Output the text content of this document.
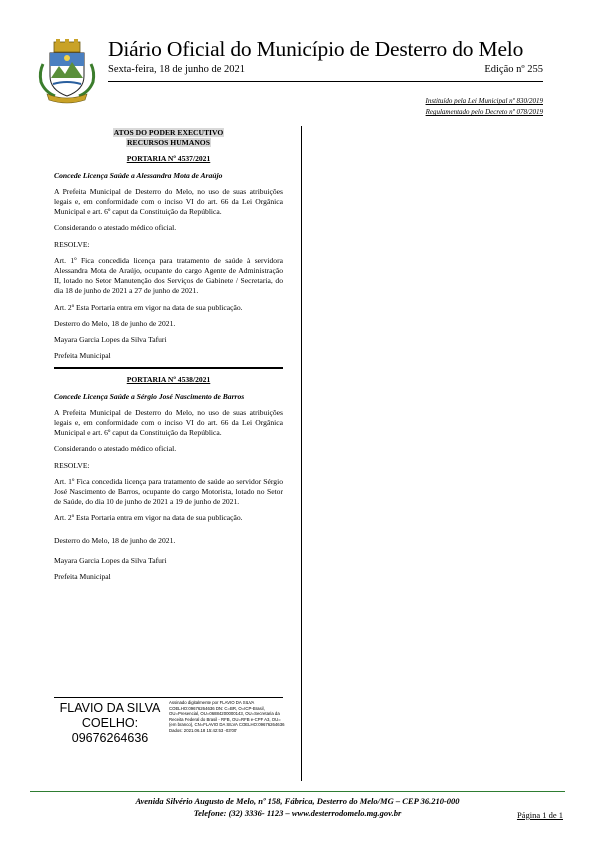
Diário Oficial do Município de Desterro do Melo
Sexta-feira, 18 de junho de 2021	Edição nº 255
Instituído pela Lei Municipal nº 830/2019
Regulamentado pelo Decreto nº 078/2019
ATOS DO PODER EXECUTIVO
RECURSOS HUMANOS
PORTARIA Nº 4537/2021

Concede Licença Saúde a Alessandra Mota de Araújo

A Prefeita Municipal de Desterro do Melo, no uso de suas atribuições legais e, em conformidade com o inciso VI do art. 66 da Lei Orgânica Municipal e art. 6º caput da Constituição da República.

Considerando o atestado médico oficial.

RESOLVE:

Art. 1º Fica concedida licença para tratamento de saúde à servidora Alessandra Mota de Araújo, ocupante do cargo Agente de Administração II, lotado no Setor Manutenção dos Serviços de Gabinete / Secretaria, do dia 18 de junho de 2021 a 27 de junho de 2021.

Art. 2º Esta Portaria entra em vigor na data de sua publicação.

Desterro do Melo, 18 de junho de 2021.

Mayara Garcia Lopes da Silva Tafuri

Prefeita Municipal

PORTARIA Nº 4538/2021

Concede Licença Saúde a Sérgio José Nascimento de Barros

A Prefeita Municipal de Desterro do Melo, no uso de suas atribuições legais e, em conformidade com o inciso VI do art. 66 da Lei Orgânica Municipal e art. 6º caput da Constituição da República.

Considerando o atestado médico oficial.

RESOLVE:

Art. 1º Fica concedida licença para tratamento de saúde ao servidor Sérgio José Nascimento de Barros, ocupante do cargo Motorista, lotado no Setor de Saúde, do dia 10 de junho de 2021 a 19 de junho de 2021.

Art. 2º Esta Portaria entra em vigor na data de sua publicação.

Desterro do Melo, 18 de junho de 2021.

Mayara Garcia Lopes da Silva Tafuri

Prefeita Municipal

FLAVIO DA SILVA
COELHO:
09676264636
Assinado digitalmente por FLAVIO DA SILVA COELHO:09676264636 DN: C=BR, O=ICP-Brasil, OU=Presencial, OU=06884200000143, OU=Secretaria da Receita Federal do Brasil - RFB, OU=RFB e-CPF A3, OU=(em branco), CN=FLAVIO DA SILVA COELHO:09676264636 Dados: 2021.06.18 15:42:53 -03'00'
Avenida Silvério Augusto de Melo, nº 158, Fábrica, Desterro do Melo/MG – CEP 36.210-000
Telefone: (32) 3336- 1123 – www.desterrodomelo.mg.gov.br	Página 1 de 1
